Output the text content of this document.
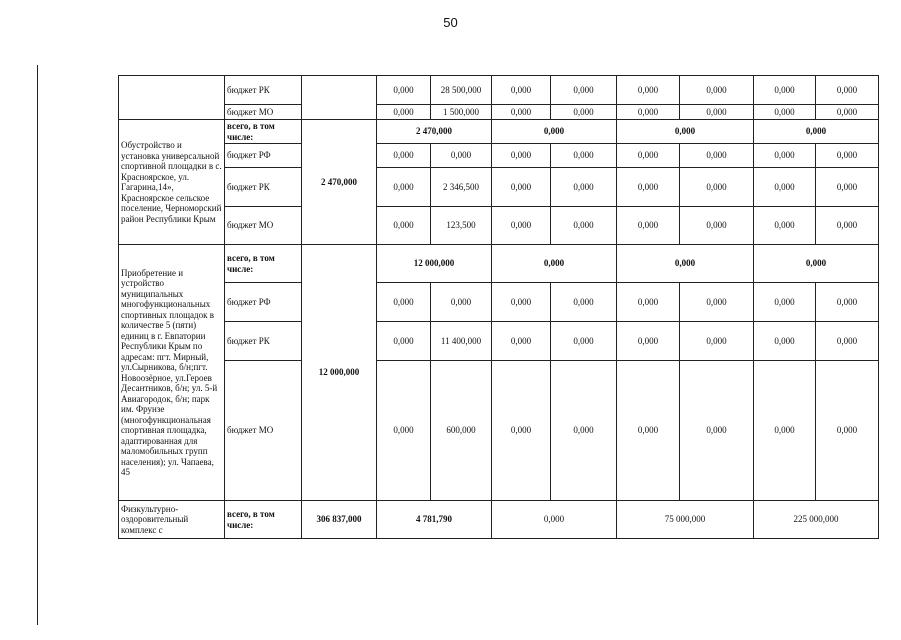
50
	бюджет РК		0,000	28 500,000	0,000	0,000	0,000	0,000	0,000	0,000
	бюджет МО		0,000	1 500,000	0,000	0,000	0,000	0,000	0,000	0,000
Обустройство и установка универсальной спортивной площадки в с. Красноярское, ул. Гагарина,14», Красноярское сельское поселение, Черноморский район Республики Крым	всего, в том числе:	2 470,000	2 470,000		0,000		0,000		0,000	
	бюджет РФ		0,000	0,000	0,000	0,000	0,000	0,000	0,000	0,000
	бюджет РК		0,000	2 346,500	0,000	0,000	0,000	0,000	0,000	0,000
	бюджет МО		0,000	123,500	0,000	0,000	0,000	0,000	0,000	0,000
Приобретение и устройство муниципальных многофункциональных спортивных площадок в количестве 5 (пяти) единиц в г. Евпатории Республики Крым по адресам: пгт. Мирный, ул.Сырникова, б/н;пгт. Новоозёрное, ул.Героев Десантников, б/н; ул. 5-й Авиагородок, б/н; парк им. Фрунзе (многофункциональная спортивная площадка, адаптированная для маломобильных групп населения); ул. Чапаева, 45	всего, в том числе:	12 000,000	12 000,000		0,000		0,000		0,000	
	бюджет РФ		0,000	0,000	0,000	0,000	0,000	0,000	0,000	0,000
	бюджет РК		0,000	11 400,000	0,000	0,000	0,000	0,000	0,000	0,000
	бюджет МО		0,000	600,000	0,000	0,000	0,000	0,000	0,000	0,000
Физкультурно-оздоровительный комплекс с	всего, в том числе:	306 837,000	4 781,790		0,000		75 000,000		225 000,000	
